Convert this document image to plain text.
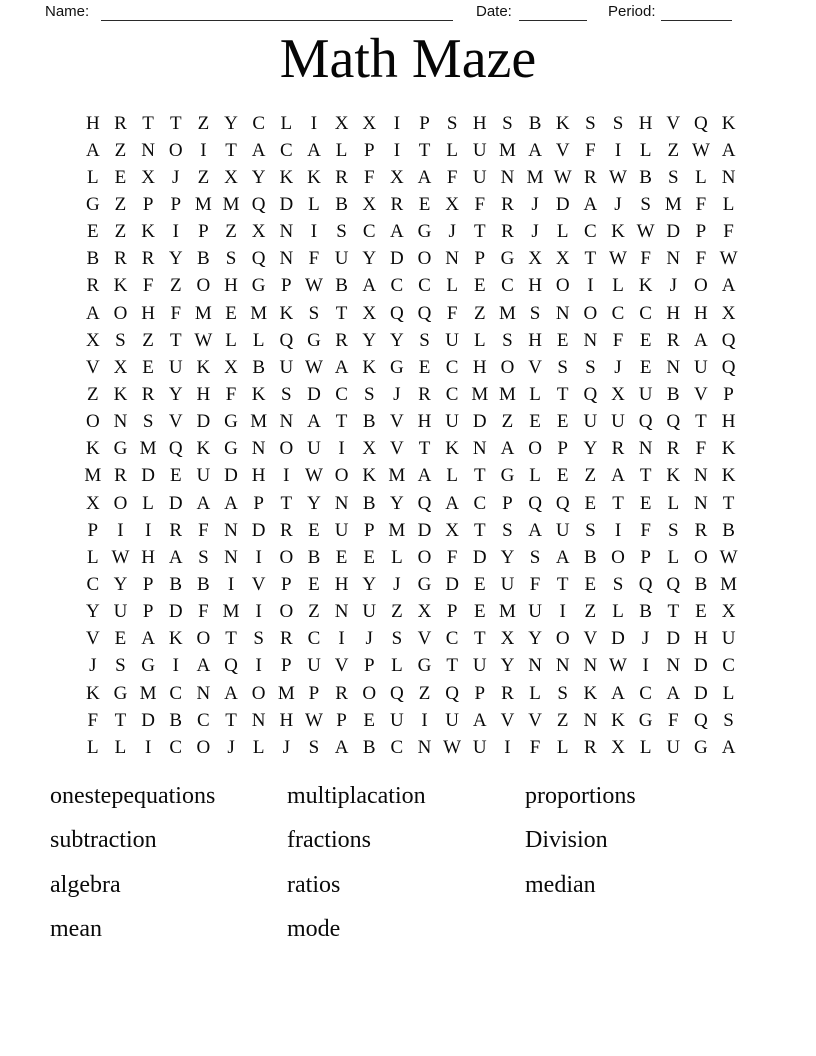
Name:	Date:	Period:
Math Maze
H R T T Z Y C L I X X I	P S H S B K S S H V Q K
A Z N O I T A C A L P	I T L U M A V F	I L Z W A
L E X J Z X Y K K R F X A F U N M W R W B S L N
G Z P P M M Q D L B X R E X F R J D A J S M F L
E Z K I	P Z X N I	S C A G J T R J L C K W D P F
B R R Y B S Q N F U Y D O N P G X X T W F N F W
R K F Z O H G P W B A C C L E C H O I L K J O A
A O H F M E M K S T X Q Q F Z M S N O C C H H X
X S Z T W L L Q G R Y Y S U L S H E N F E R A Q
V X E U K X B U W A K G E C H O V S S J E N U Q
Z K R Y H F K S D C S J R C M M L T Q X U B V P
O N S V D G M N A T B V H U D Z E E U U Q Q T H
K G M Q K G N O U I X V T K N A O P Y R N R F K
M R D E U D H I W O K M A L T G L E Z A T K N K
X O L D A A P T Y N B Y Q A C P Q Q E T E L N T
P	I	I R F N D R E U P M D X T S A U S	I	F S R B
L W H A S N I O B E E L O F D Y S A B O P L O W
C Y P B B I V P E H Y J G D E U F T E S Q Q B M
Y U P D F M I O Z N U Z X P E M U I Z L B T E X
V E A K O T S R C I	J S V C T X Y O V D J D H U
J S G I A Q I	P U V P L G T U Y N N N W I N D C
K G M C N A O M P R O Q Z Q P R L S K A C A D L
F T D B C T N H W P E U I U A V V Z N K G F Q S
L L I C O J L J S A B C N W U I	F L R X L U G A
onestepequations	multiplacation	proportions
subtraction	fractions	Division
algebra	ratios	median
mean	mode
